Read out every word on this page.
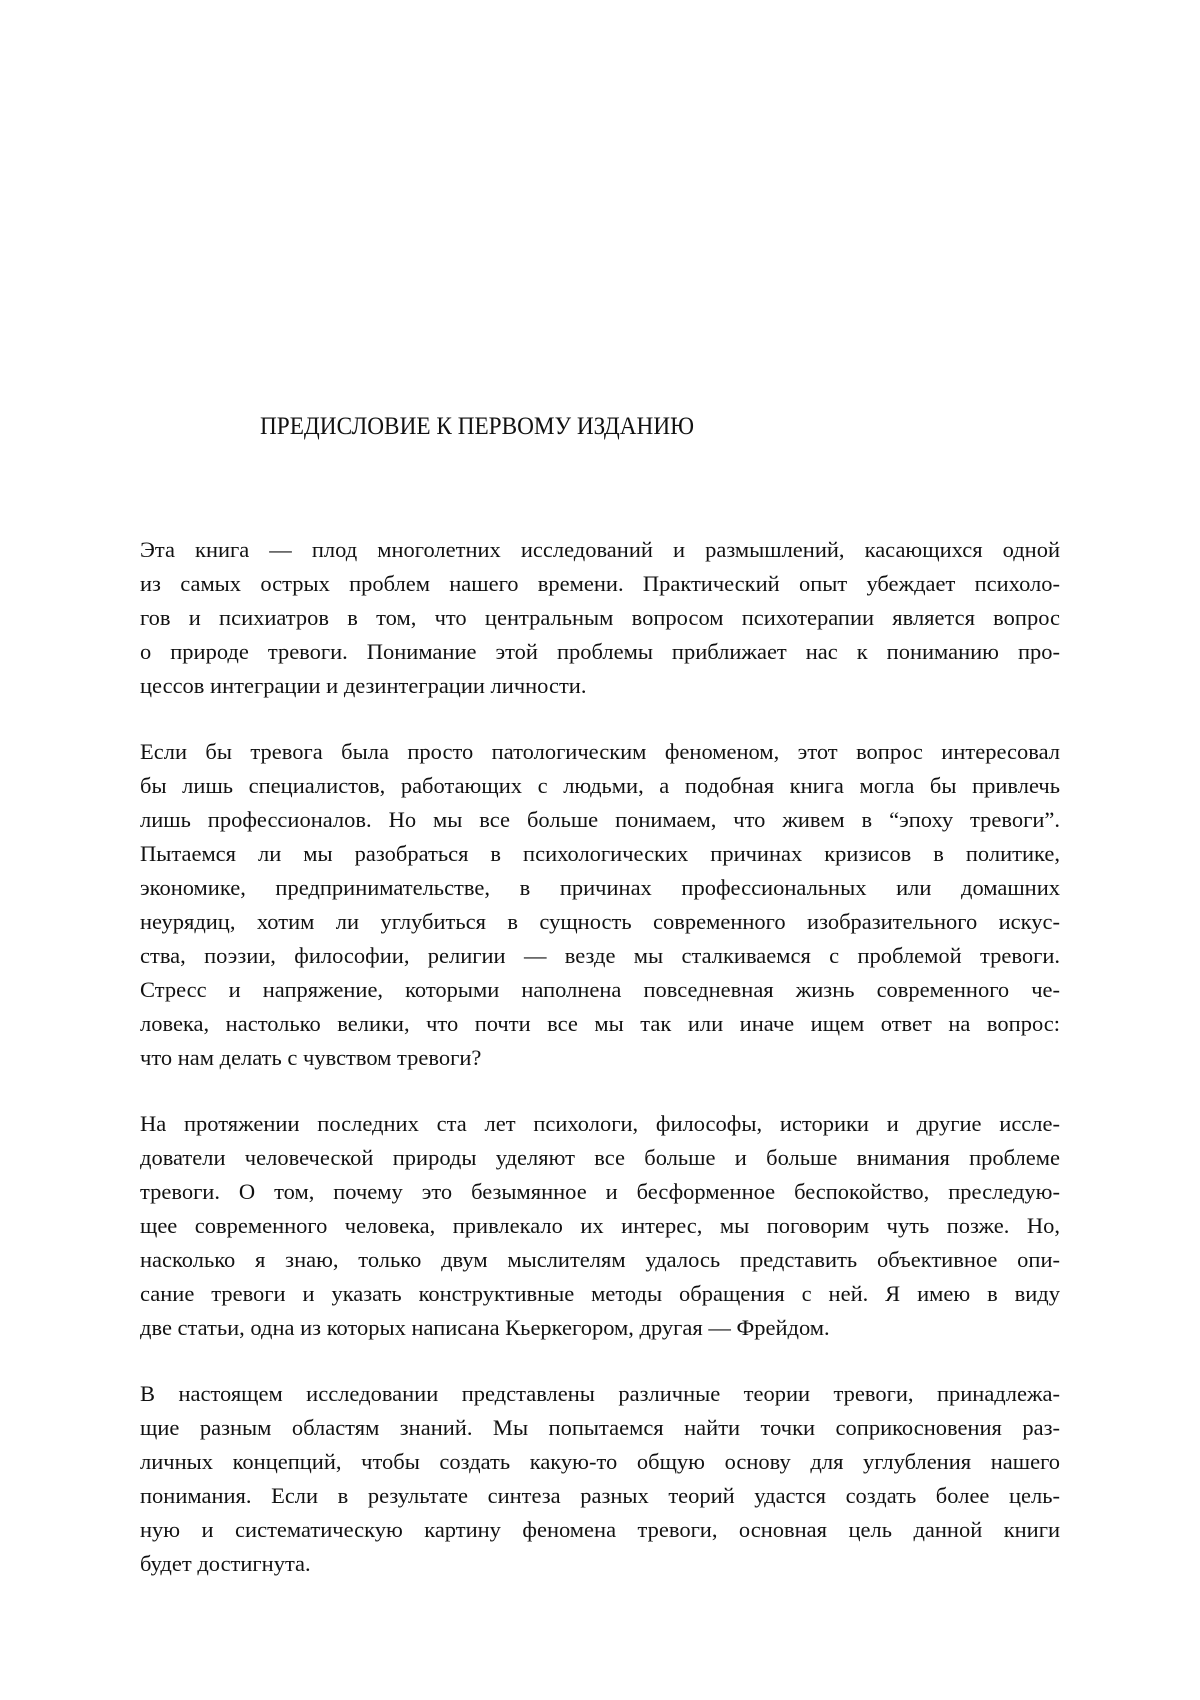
ПРЕДИСЛОВИЕ К ПЕРВОМУ ИЗДАНИЮ
Эта книга — плод многолетних исследований и размышлений, касающихся одной
из самых острых проблем нашего времени. Практический опыт убеждает психоло-
гов и психиатров в том, что центральным вопросом психотерапии является вопрос
о природе тревоги. Понимание этой проблемы приближает нас к пониманию про-
цессов интеграции и дезинтеграции личности.
Если бы тревога была просто патологическим феноменом, этот вопрос интересовал
бы лишь специалистов, работающих с людьми, а подобная книга могла бы привлечь
лишь профессионалов. Но мы все больше понимаем, что живем в “эпоху тревоги”.
Пытаемся ли мы разобраться в психологических причинах кризисов в политике,
экономике, предпринимательстве, в причинах профессиональных или домашних
неурядиц, хотим ли углубиться в сущность современного изобразительного искус-
ства, поэзии, философии, религии — везде мы сталкиваемся с проблемой тревоги.
Стресс и напряжение, которыми наполнена повседневная жизнь современного че-
ловека, настолько велики, что почти все мы так или иначе ищем ответ на вопрос:
что нам делать с чувством тревоги?
На протяжении последних ста лет психологи, философы, историки и другие иссле-
дователи человеческой природы уделяют все больше и больше внимания проблеме
тревоги. О том, почему это безымянное и бесформенное беспокойство, преследую-
щее современного человека, привлекало их интерес, мы поговорим чуть позже. Но,
насколько я знаю, только двум мыслителям удалось представить объективное опи-
сание тревоги и указать конструктивные методы обращения с ней. Я имею в виду
две статьи, одна из которых написана Кьеркегором, другая — Фрейдом.
В настоящем исследовании представлены различные теории тревоги, принадлежа-
щие разным областям знаний. Мы попытаемся найти точки соприкосновения раз-
личных концепций, чтобы создать какую-то общую основу для углубления нашего
понимания. Если в результате синтеза разных теорий удастся создать более цель-
ную и систематическую картину феномена тревоги, основная цель данной книги
будет достигнута.
